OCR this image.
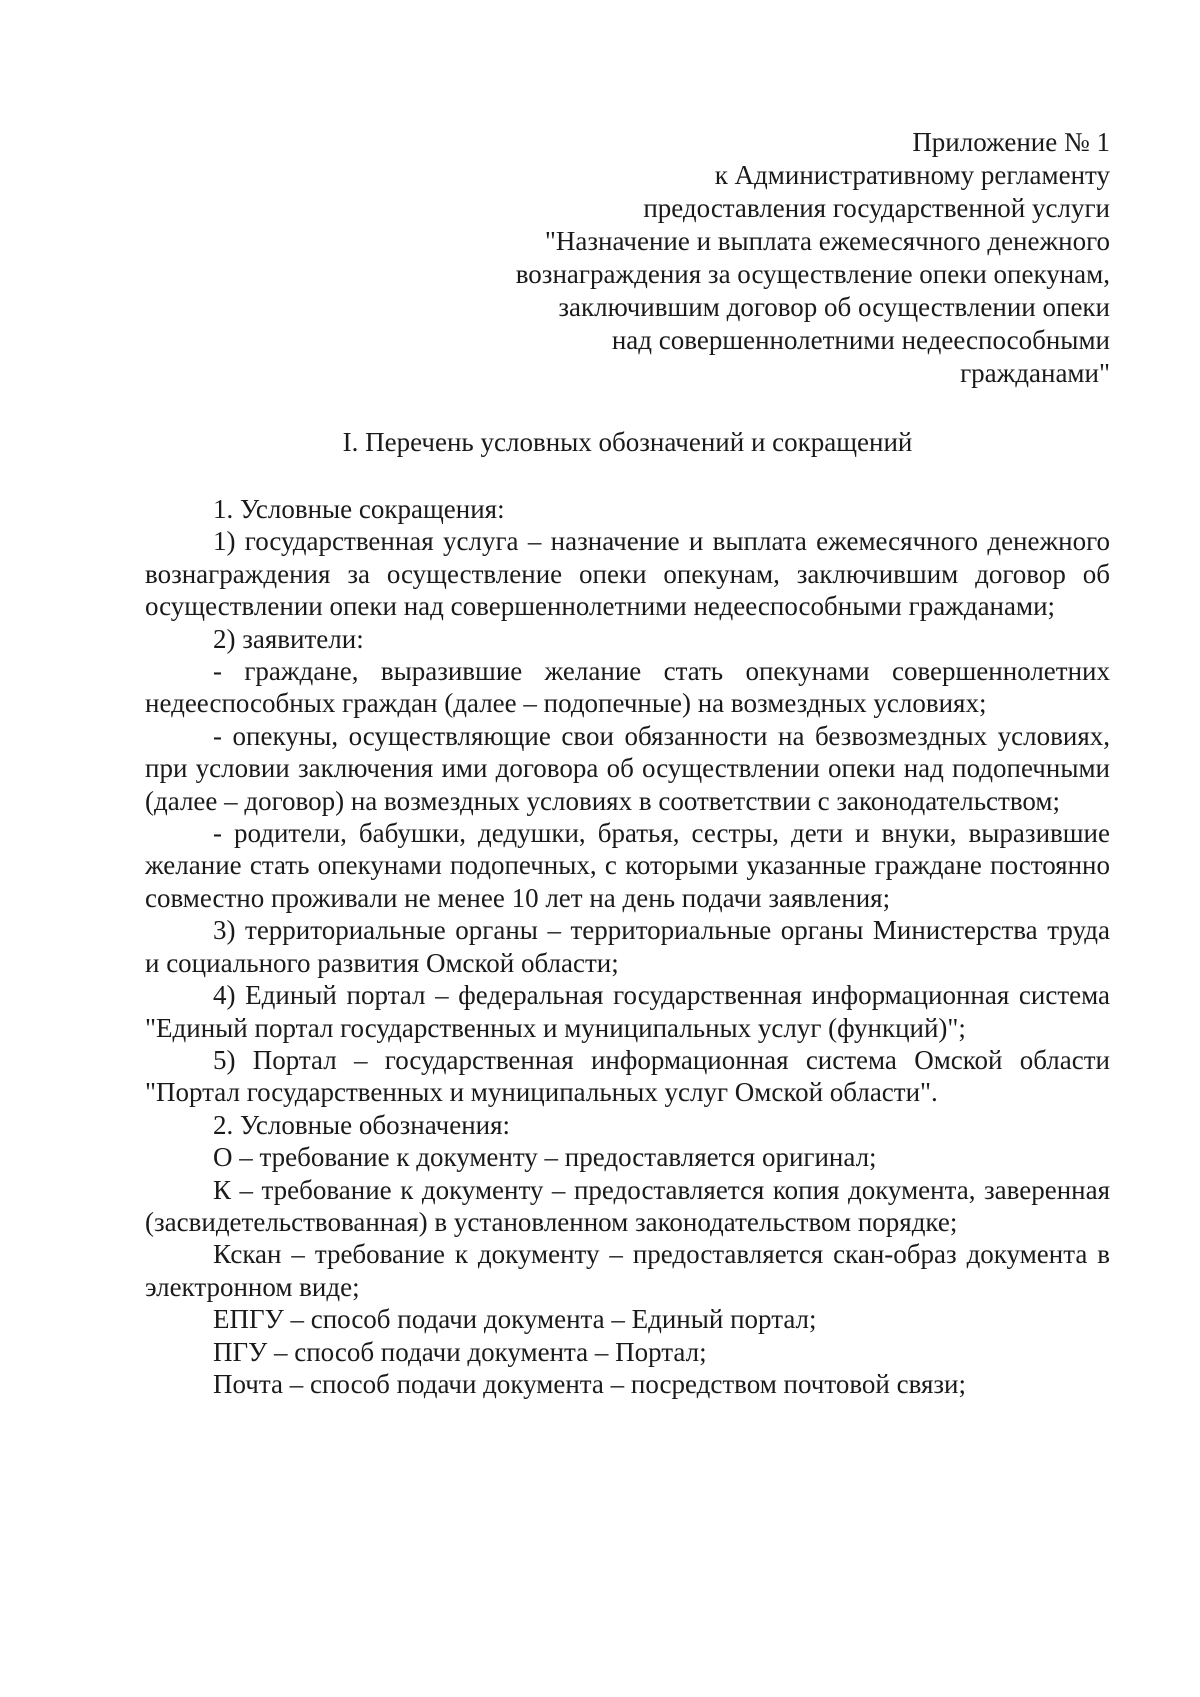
Приложение № 1
к Административному регламенту
предоставления государственной услуги
"Назначение и выплата ежемесячного денежного
вознаграждения за осуществление опеки опекунам,
заключившим договор об осуществлении опеки
над совершеннолетними недееспособными
гражданами"
I. Перечень условных обозначений и сокращений

1. Условные сокращения:

1) государственная услуга – назначение и выплата ежемесячного денежного вознаграждения за осуществление опеки опекунам, заключившим договор об осуществлении опеки над совершеннолетними недееспособными гражданами;

2) заявители:

- граждане, выразившие желание стать опекунами совершеннолетних недееспособных граждан (далее – подопечные) на возмездных условиях;

- опекуны, осуществляющие свои обязанности на безвозмездных условиях, при условии заключения ими договора об осуществлении опеки над подопечными (далее – договор) на возмездных условиях в соответствии с законодательством;

- родители, бабушки, дедушки, братья, сестры, дети и внуки, выразившие желание стать опекунами подопечных, с которыми указанные граждане постоянно совместно проживали не менее 10 лет на день подачи заявления;

3) территориальные органы – территориальные органы Министерства труда и социального развития Омской области;

4) Единый портал – федеральная государственная информационная система "Единый портал государственных и муниципальных услуг (функций)";

5) Портал – государственная информационная система Омской области "Портал государственных и муниципальных услуг Омской области".

2. Условные обозначения:

О – требование к документу – предоставляется оригинал;

К – требование к документу – предоставляется копия документа, заверенная (засвидетельствованная) в установленном законодательством порядке;

Кскан – требование к документу – предоставляется скан-образ документа в электронном виде;

ЕПГУ – способ подачи документа – Единый портал;

ПГУ – способ подачи документа – Портал;

Почта – способ подачи документа – посредством почтовой связи;
